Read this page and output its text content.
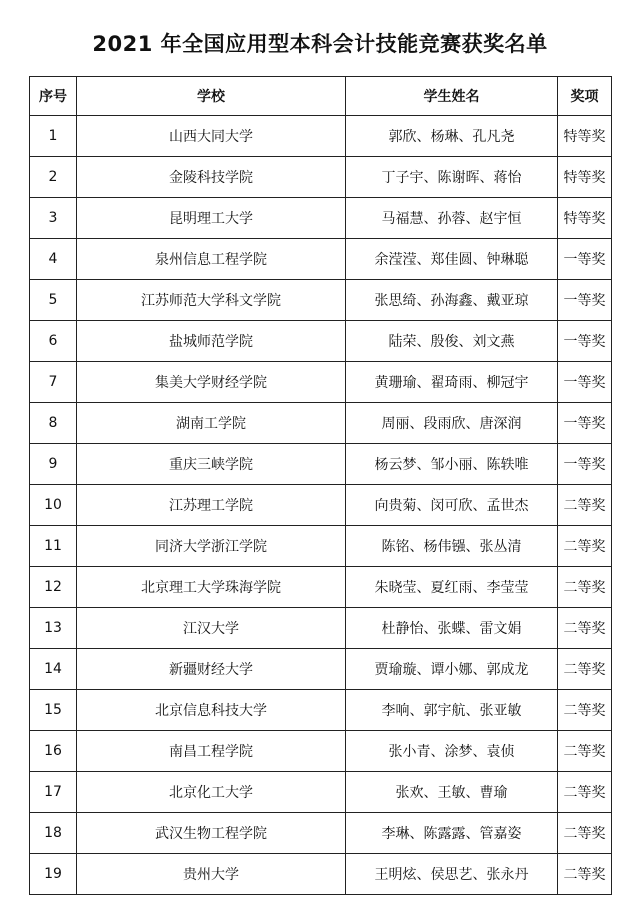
2021 年全国应用型本科会计技能竞赛获奖名单
序号	学校	学生姓名	奖项
1	山西大同大学	郭欣、杨琳、孔凡尧	特等奖
2	金陵科技学院	丁子宇、陈谢晖、蒋怡	特等奖
3	昆明理工大学	马福慧、孙蓉、赵宇恒	特等奖
4	泉州信息工程学院	余滢滢、郑佳圆、钟琳聪	一等奖
5	江苏师范大学科文学院	张思绮、孙海鑫、戴亚琼	一等奖
6	盐城师范学院	陆荣、殷俊、刘文燕	一等奖
7	集美大学财经学院	黄珊瑜、翟琦雨、柳冠宇	一等奖
8	湖南工学院	周丽、段雨欣、唐深润	一等奖
9	重庆三峡学院	杨云梦、邹小丽、陈轶唯	一等奖
10	江苏理工学院	向贵菊、闵可欣、孟世杰	二等奖
11	同济大学浙江学院	陈铭、杨伟镪、张丛清	二等奖
12	北京理工大学珠海学院	朱晓莹、夏红雨、李莹莹	二等奖
13	江汉大学	杜静怡、张蝶、雷文娟	二等奖
14	新疆财经大学	贾瑜璇、谭小娜、郭成龙	二等奖
15	北京信息科技大学	李响、郭宇航、张亚敏	二等奖
16	南昌工程学院	张小青、涂梦、袁侦	二等奖
17	北京化工大学	张欢、王敏、曹瑜	二等奖
18	武汉生物工程学院	李琳、陈露露、管嘉姿	二等奖
19	贵州大学	王明炫、侯思艺、张永丹	二等奖
